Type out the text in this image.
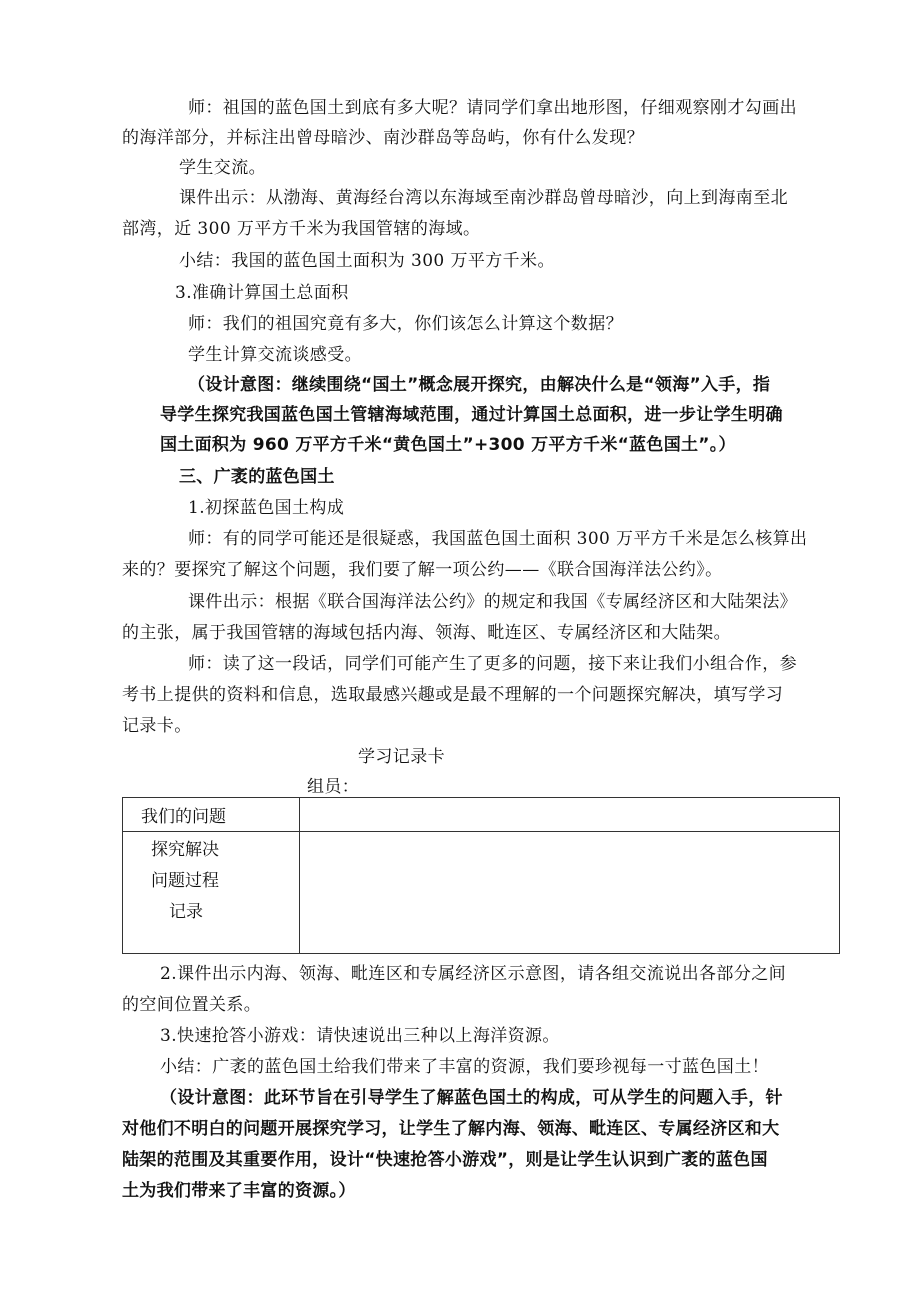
师：祖国的蓝色国土到底有多大呢？请同学们拿出地形图，仔细观察刚才勾画出
的海洋部分，并标注出曾母暗沙、南沙群岛等岛屿，你有什么发现？
学生交流。
课件出示：从渤海、黄海经台湾以东海域至南沙群岛曾母暗沙，向上到海南至北
部湾，近 300 万平方千米为我国管辖的海域。
小结：我国的蓝色国土面积为 300 万平方千米。
3.准确计算国土总面积
师：我们的祖国究竟有多大，你们该怎么计算这个数据？
学生计算交流谈感受。
（设计意图：继续围绕“国土”概念展开探究，由解决什么是“领海”入手，指
导学生探究我国蓝色国土管辖海域范围，通过计算国土总面积，进一步让学生明确
国土面积为 960 万平方千米“黄色国土”+300 万平方千米“蓝色国土”。）
三、广袤的蓝色国土
1.初探蓝色国土构成
师：有的同学可能还是很疑惑，我国蓝色国土面积 300 万平方千米是怎么核算出
来的？要探究了解这个问题，我们要了解一项公约——《联合国海洋法公约》。
课件出示：根据《联合国海洋法公约》的规定和我国《专属经济区和大陆架法》
的主张，属于我国管辖的海域包括内海、领海、毗连区、专属经济区和大陆架。
师：读了这一段话，同学们可能产生了更多的问题，接下来让我们小组合作，参
考书上提供的资料和信息，选取最感兴趣或是最不理解的一个问题探究解决，填写学习
记录卡。
学习记录卡
组员：
我们的问题
探究解决
问题过程
记录
2.课件出示内海、领海、毗连区和专属经济区示意图，请各组交流说出各部分之间
的空间位置关系。
3.快速抢答小游戏：请快速说出三种以上海洋资源。
小结：广袤的蓝色国土给我们带来了丰富的资源，我们要珍视每一寸蓝色国土！
（设计意图：此环节旨在引导学生了解蓝色国土的构成，可从学生的问题入手，针
对他们不明白的问题开展探究学习，让学生了解内海、领海、毗连区、专属经济区和大
陆架的范围及其重要作用，设计“快速抢答小游戏”，则是让学生认识到广袤的蓝色国
土为我们带来了丰富的资源。）
